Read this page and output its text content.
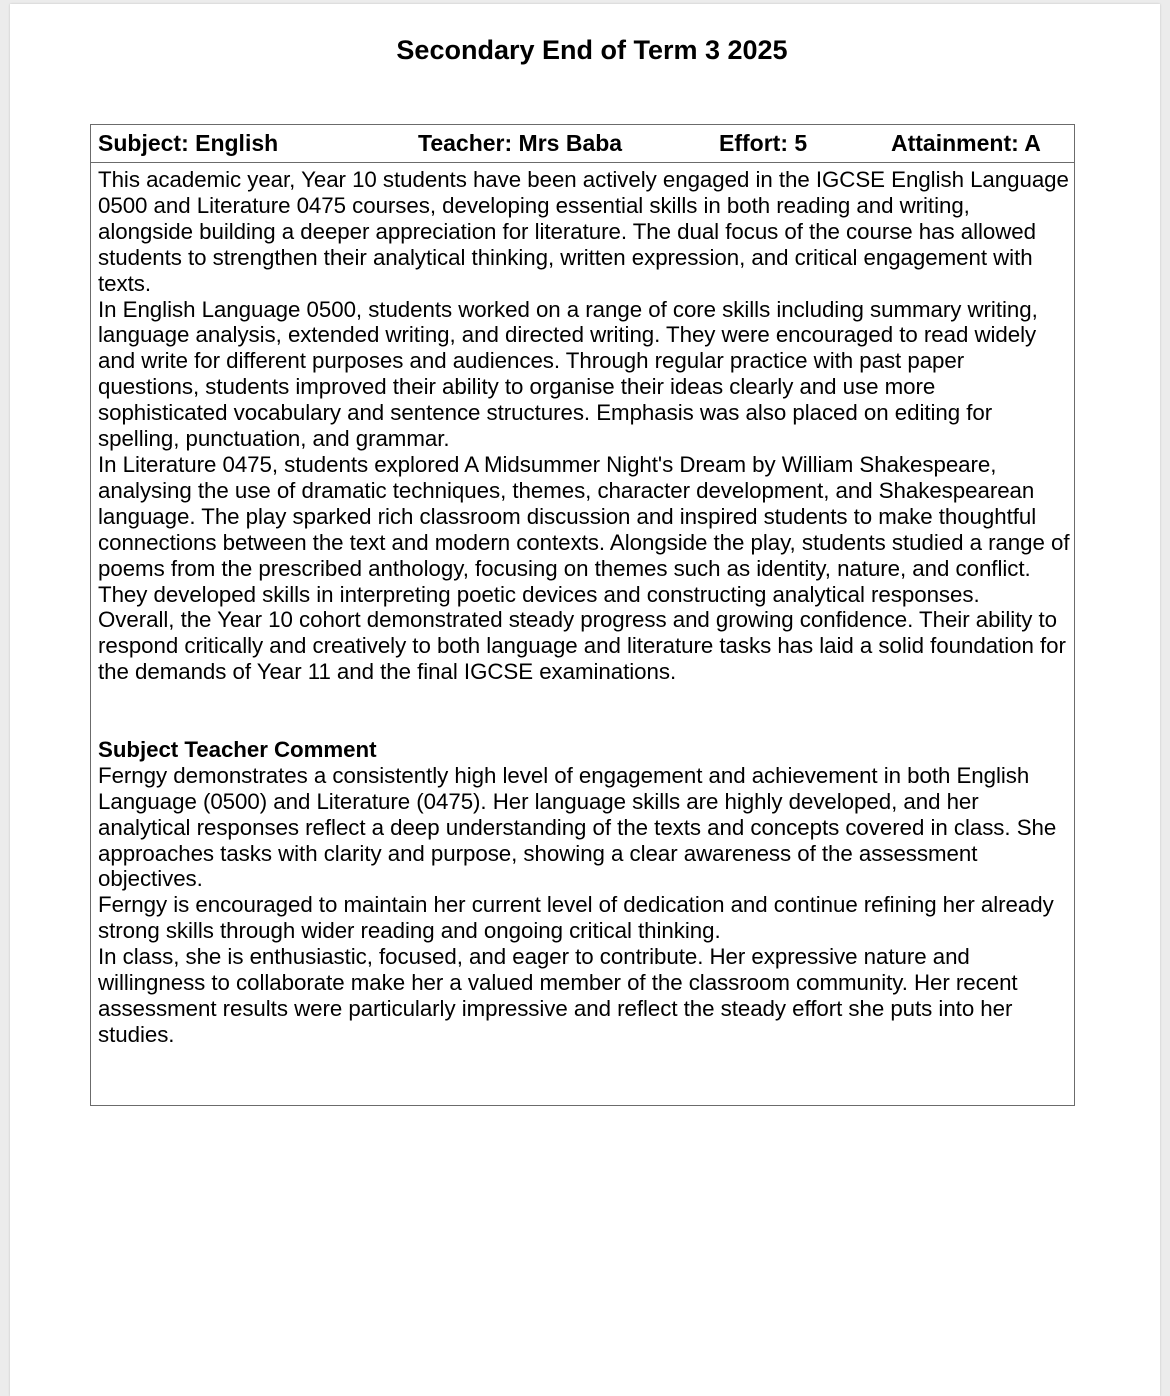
Secondary End of Term 3 2025
Subject: English	Teacher: Mrs Baba	Effort: 5	Attainment: A

This academic year, Year 10 students have been actively engaged in the IGCSE English Language 0500 and Literature 0475 courses, developing essential skills in both reading and writing, alongside building a deeper appreciation for literature. The dual focus of the course has allowed students to strengthen their analytical thinking, written expression, and critical engagement with texts.

In English Language 0500, students worked on a range of core skills including summary writing, language analysis, extended writing, and directed writing. They were encouraged to read widely and write for different purposes and audiences. Through regular practice with past paper questions, students improved their ability to organise their ideas clearly and use more sophisticated vocabulary and sentence structures. Emphasis was also placed on editing for spelling, punctuation, and grammar.

In Literature 0475, students explored A Midsummer Night's Dream by William Shakespeare, analysing the use of dramatic techniques, themes, character development, and Shakespearean language. The play sparked rich classroom discussion and inspired students to make thoughtful connections between the text and modern contexts. Alongside the play, students studied a range of poems from the prescribed anthology, focusing on themes such as identity, nature, and conflict. They developed skills in interpreting poetic devices and constructing analytical responses.

Overall, the Year 10 cohort demonstrated steady progress and growing confidence. Their ability to respond critically and creatively to both language and literature tasks has laid a solid foundation for the demands of Year 11 and the final IGCSE examinations.

Subject Teacher Comment

Ferngy demonstrates a consistently high level of engagement and achievement in both English Language (0500) and Literature (0475). Her language skills are highly developed, and her analytical responses reflect a deep understanding of the texts and concepts covered in class. She approaches tasks with clarity and purpose, showing a clear awareness of the assessment objectives.

Ferngy is encouraged to maintain her current level of dedication and continue refining her already strong skills through wider reading and ongoing critical thinking.

In class, she is enthusiastic, focused, and eager to contribute. Her expressive nature and willingness to collaborate make her a valued member of the classroom community. Her recent assessment results were particularly impressive and reflect the steady effort she puts into her studies.
